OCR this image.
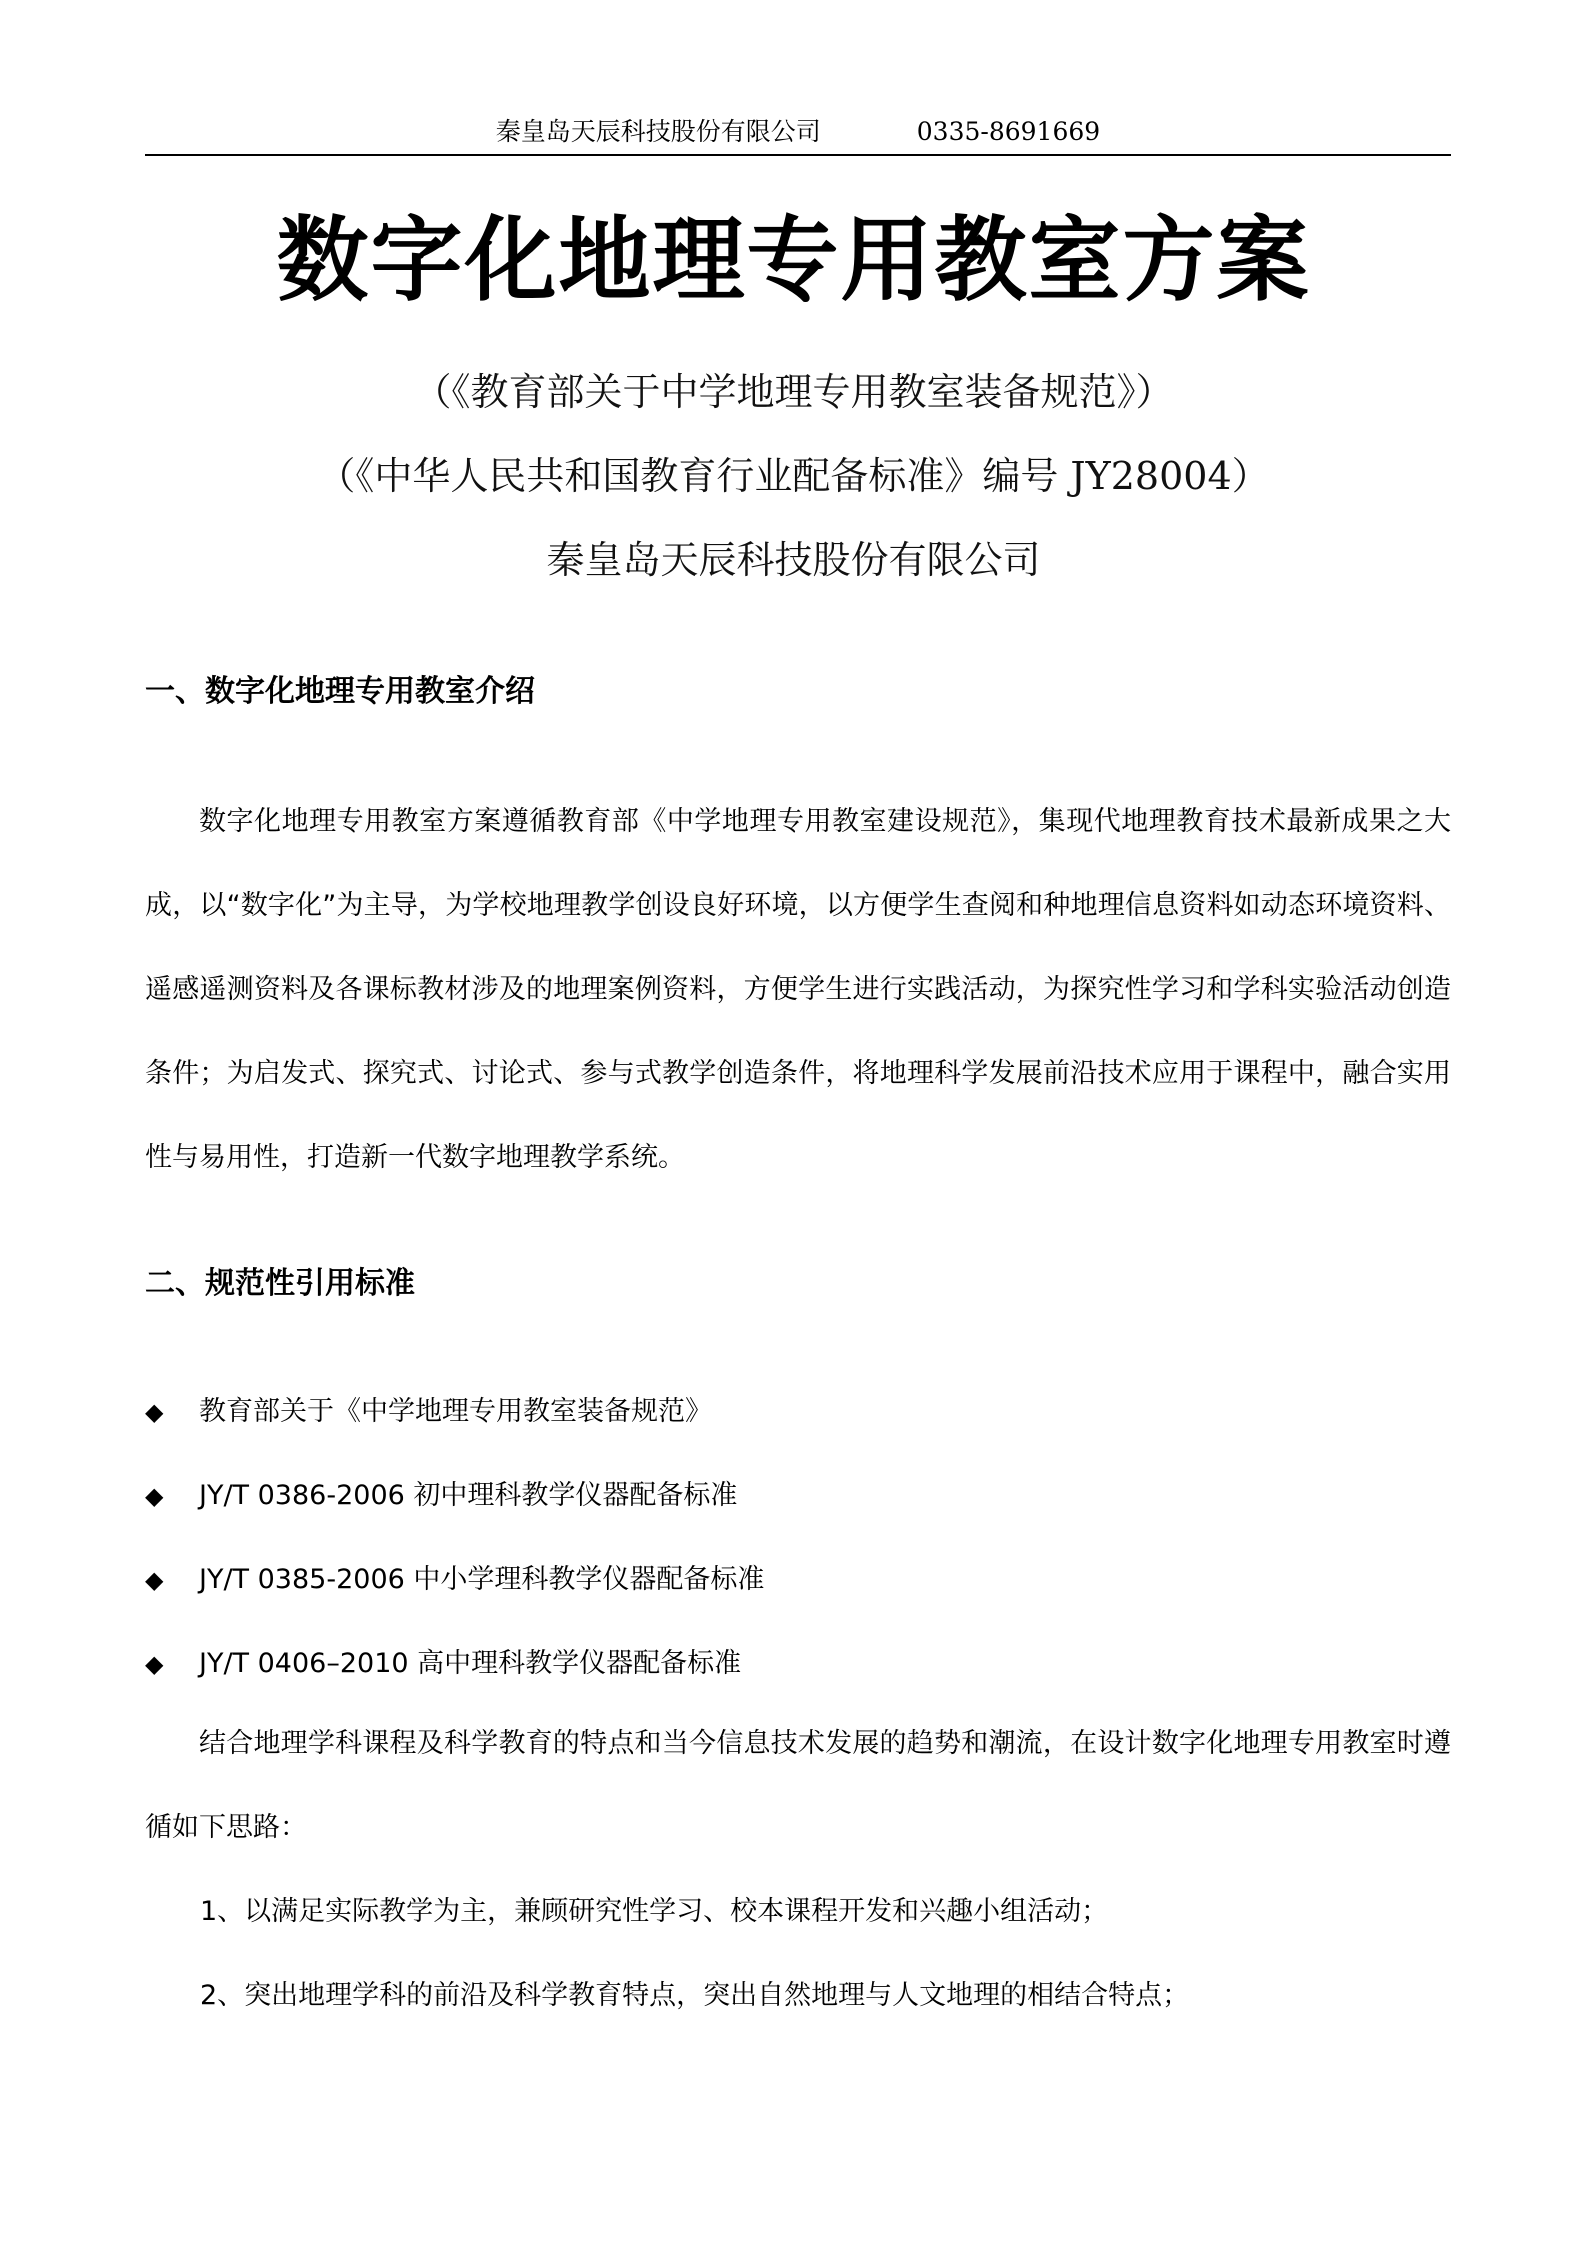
秦皇岛天辰科技股份有限公司	0335-8691669
数字化地理专用教室方案
（《教育部关于中学地理专用教室装备规范》）
（《中华人民共和国教育行业配备标准》编号 JY28004）
秦皇岛天辰科技股份有限公司
一、数字化地理专用教室介绍
数字化地理专用教室方案遵循教育部《中学地理专用教室建设规范》，集现代地理教育技术最新成果之大成，以“数字化”为主导，为学校地理教学创设良好环境，以方便学生查阅和种地理信息资料如动态环境资料、遥感遥测资料及各课标教材涉及的地理案例资料，方便学生进行实践活动，为探究性学习和学科实验活动创造条件；为启发式、探究式、讨论式、参与式教学创造条件，将地理科学发展前沿技术应用于课程中，融合实用性与易用性，打造新一代数字地理教学系统。
二、规范性引用标准
◆ 教育部关于《中学地理专用教室装备规范》
◆ JY/T 0386-2006 初中理科教学仪器配备标准
◆ JY/T 0385-2006 中小学理科教学仪器配备标准
◆ JY/T 0406–2010 高中理科教学仪器配备标准
结合地理学科课程及科学教育的特点和当今信息技术发展的趋势和潮流，在设计数字化地理专用教室时遵循如下思路：
1、以满足实际教学为主，兼顾研究性学习、校本课程开发和兴趣小组活动；
2、突出地理学科的前沿及科学教育特点，突出自然地理与人文地理的相结合特点；
